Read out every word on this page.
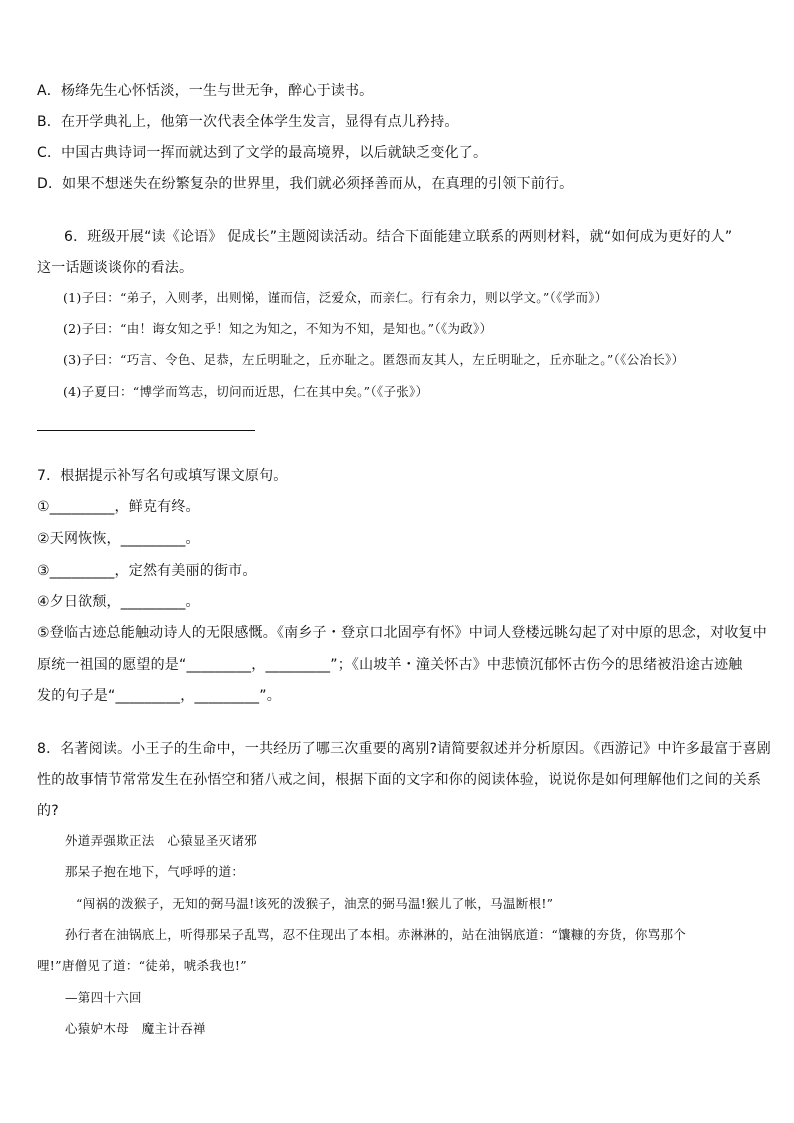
A．杨绛先生心怀恬淡，一生与世无争，醉心于读书。
B．在开学典礼上，他第一次代表全体学生发言，显得有点儿矜持。
C．中国古典诗词一挥而就达到了文学的最高境界，以后就缺乏变化了。
D．如果不想迷失在纷繁复杂的世界里，我们就必须择善而从，在真理的引领下前行。
6．班级开展“读《论语》 促成长”主题阅读活动。结合下面能建立联系的两则材料，就“如何成为更好的人”
这一话题谈谈你的看法。
(1)子曰：“弟子，入则孝，出则悌，谨而信，泛爱众，而亲仁。行有余力，则以学文。”（《学而》）
(2)子曰：“由！诲女知之乎！知之为知之，不知为不知，是知也。”（《为政》）
(3)子曰：“巧言、令色、足恭，左丘明耻之，丘亦耻之。匿怨而友其人，左丘明耻之，丘亦耻之。”（《公冶长》）
(4)子夏曰：“博学而笃志，切问而近思，仁在其中矣。”（《子张》）
7．根据提示补写名句或填写课文原句。
①_________，鲜克有终。
②天网恢恢，_________。
③_________，定然有美丽的街市。
④夕日欲颓，_________。
⑤登临古迹总能触动诗人的无限感慨。《南乡子・登京口北固亭有怀》中词人登楼远眺勾起了对中原的思念，对收复中
原统一祖国的愿望的是“_________，_________”；《山坡羊・潼关怀古》中悲愤沉郁怀古伤今的思绪被沿途古迹触
发的句子是“_________，_________”。
8．名著阅读。小王子的生命中，一共经历了哪三次重要的离别?请简要叙述并分析原因。《西游记》中许多最富于喜剧
性的故事情节常常发生在孙悟空和猪八戒之间，根据下面的文字和你的阅读体验，说说你是如何理解他们之间的关系
的?
外道弄强欺正法　心猿显圣灭诸邪
那呆子抱在地下，气呼呼的道：
“闯祸的泼猴子，无知的弼马温!该死的泼猴子，油烹的弼马温!猴儿了帐，马温断根!”
孙行者在油锅底上，听得那呆子乱骂，忍不住现出了本相。赤淋淋的，站在油锅底道：“馕糠的夯货，你骂那个
哩!”唐僧见了道：“徒弟，唬杀我也!”
—第四十六回
心猿妒木母　魔主计吞禅
